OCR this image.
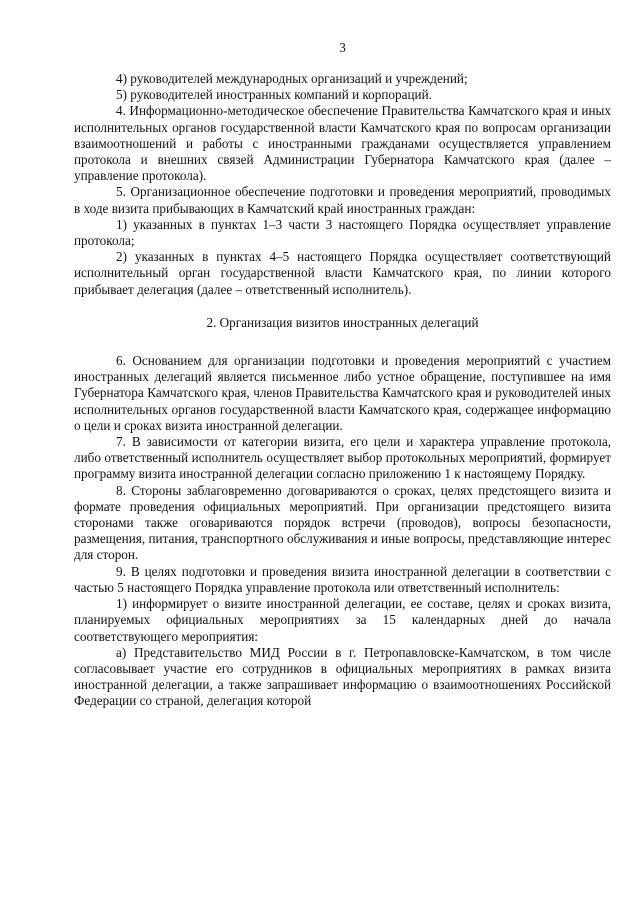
3

4) руководителей международных организаций и учреждений;

5) руководителей иностранных компаний и корпораций.

4. Информационно-методическое обеспечение Правительства Камчатского края и иных исполнительных органов государственной власти Камчатского края по вопросам организации взаимоотношений и работы с иностранными гражданами осуществляется управлением протокола и внешних связей Администрации Губернатора Камчатского края (далее – управление протокола).

5. Организационное обеспечение подготовки и проведения мероприятий, проводимых в ходе визита прибывающих в Камчатский край иностранных граждан:

1) указанных в пунктах 1–3 части 3 настоящего Порядка осуществляет управление протокола;

2) указанных в пунктах 4–5 настоящего Порядка осуществляет соответствующий исполнительный орган государственной власти Камчатского края, по линии которого прибывает делегация (далее – ответственный исполнитель).

2. Организация визитов иностранных делегаций

6. Основанием для организации подготовки и проведения мероприятий с участием иностранных делегаций является письменное либо устное обращение, поступившее на имя Губернатора Камчатского края, членов Правительства Камчатского края и руководителей иных исполнительных органов государственной власти Камчатского края, содержащее информацию о цели и сроках визита иностранной делегации.

7. В зависимости от категории визита, его цели и характера управление протокола, либо ответственный исполнитель осуществляет выбор протокольных мероприятий, формирует программу визита иностранной делегации согласно приложению 1 к настоящему Порядку.

8. Стороны заблаговременно договариваются о сроках, целях предстоящего визита и формате проведения официальных мероприятий. При организации предстоящего визита сторонами также оговариваются порядок встречи (проводов), вопросы безопасности, размещения, питания, транспортного обслуживания и иные вопросы, представляющие интерес для сторон.

9. В целях подготовки и проведения визита иностранной делегации в соответствии с частью 5 настоящего Порядка управление протокола или ответственный исполнитель:

1) информирует о визите иностранной делегации, ее составе, целях и сроках визита, планируемых официальных мероприятиях за 15 календарных дней до начала соответствующего мероприятия:

а) Представительство МИД России в г. Петропавловске-Камчатском, в том числе согласовывает участие его сотрудников в официальных мероприятиях в рамках визита иностранной делегации, а также запрашивает информацию о взаимоотношениях Российской Федерации со страной, делегация которой
